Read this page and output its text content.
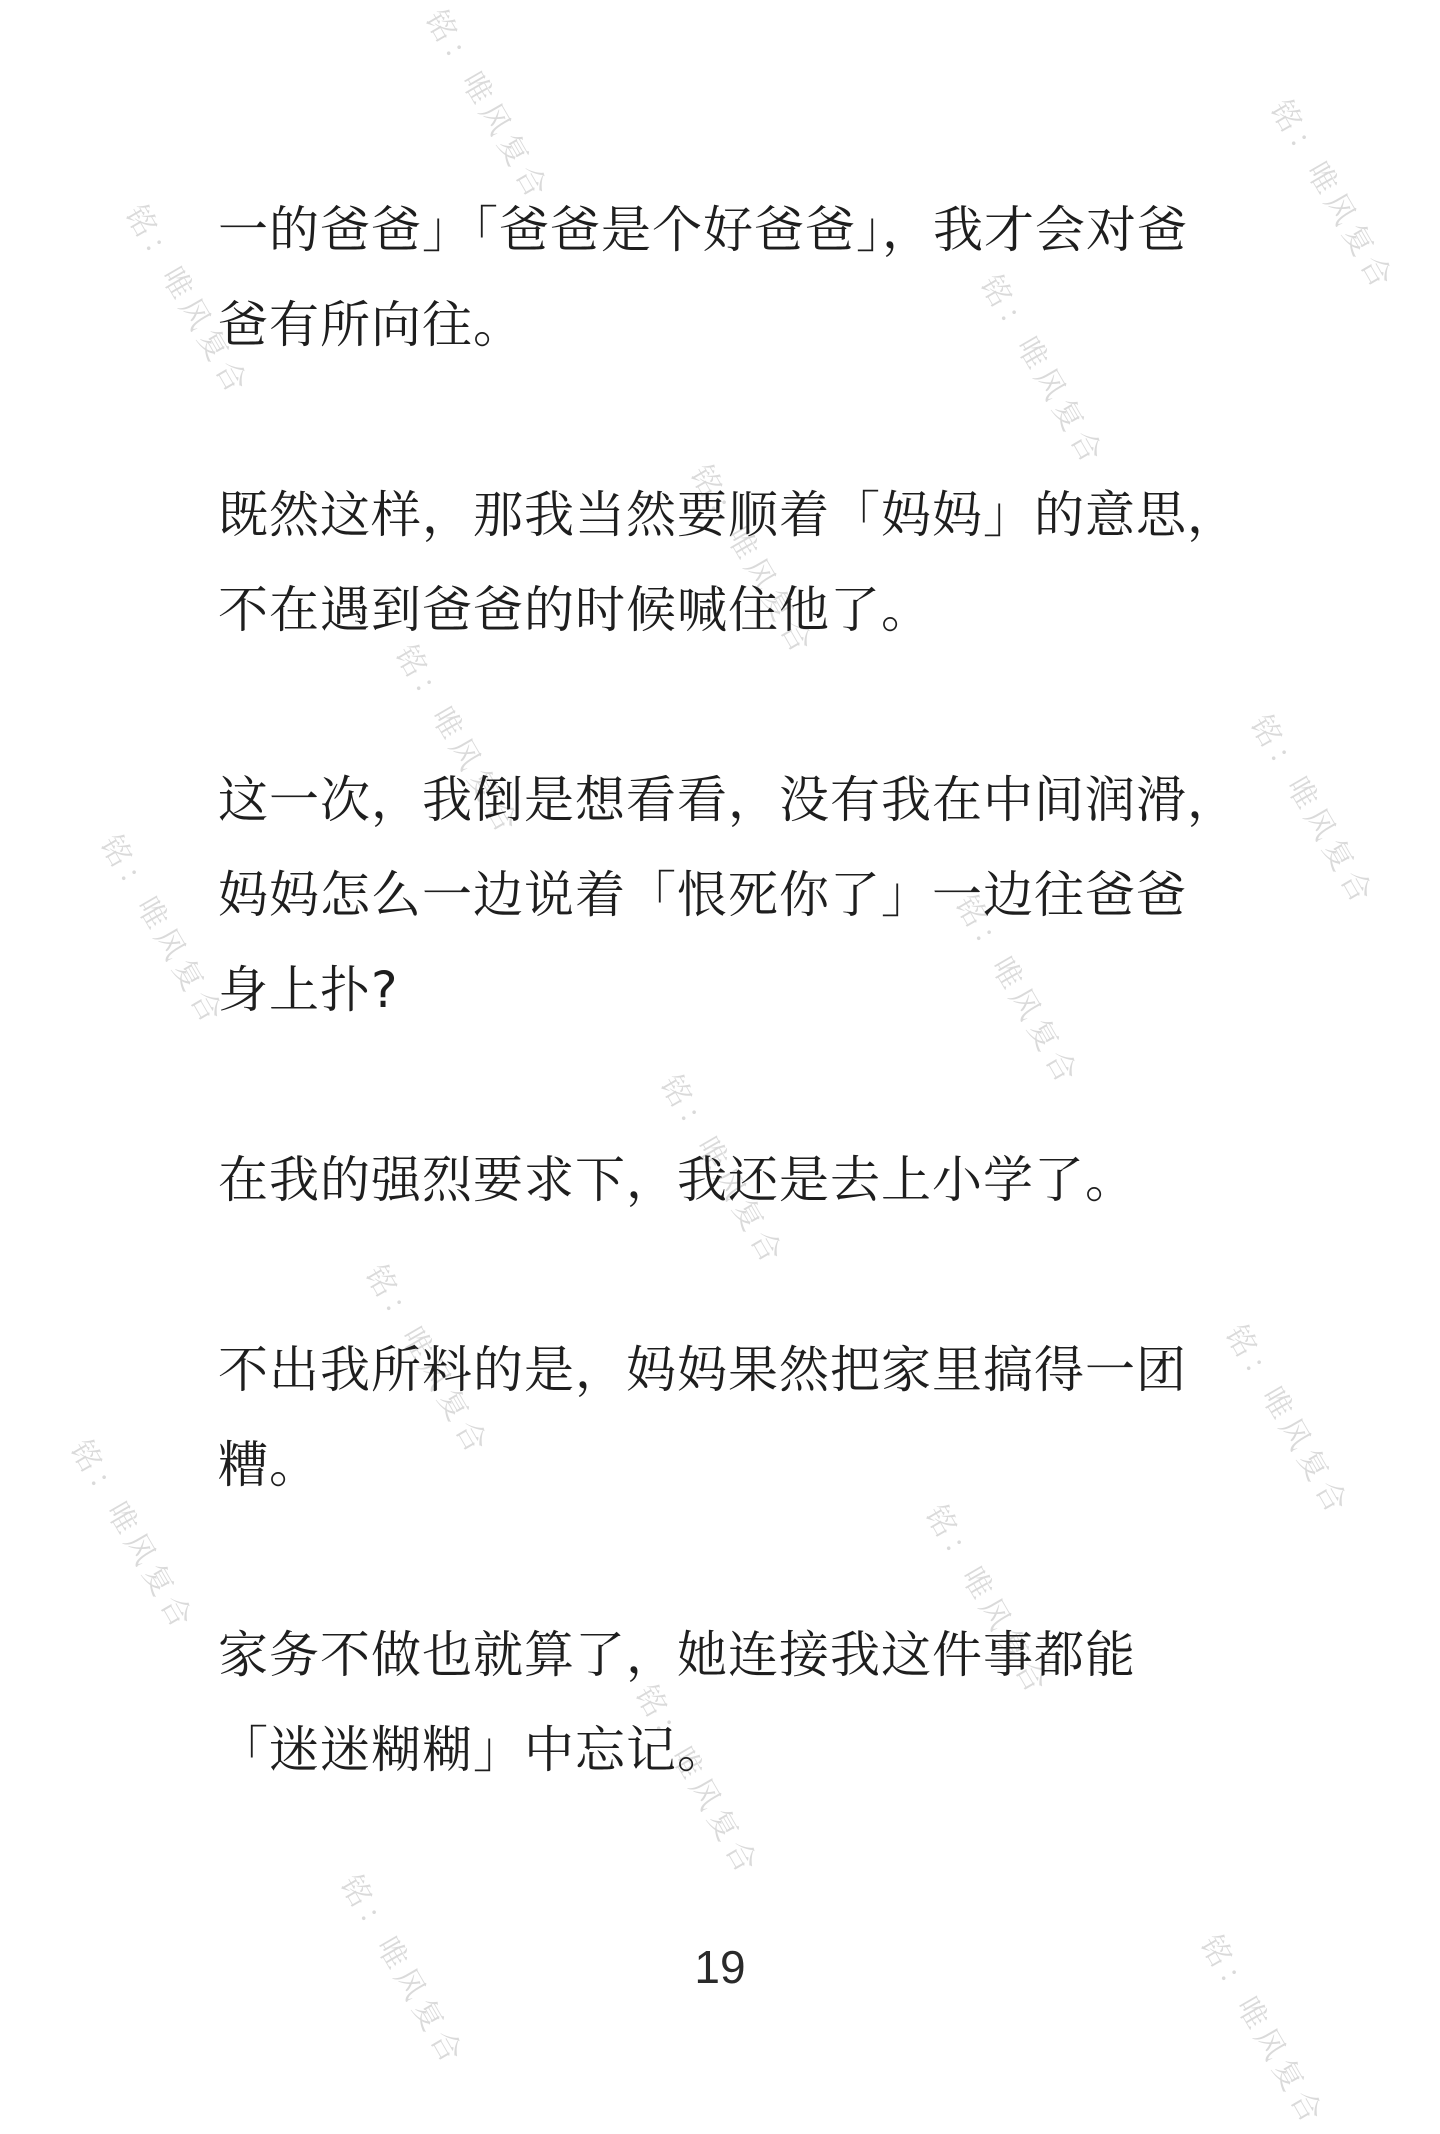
铭：唯风复合	铭：唯风复合
铭：唯风复合	铭：唯风复合
铭：唯风复合
铭：唯风复合	铭：唯风复合
铭：唯风复合	铭：唯风复合
铭：唯风复合
铭：唯风复合	铭：唯风复合
铭：唯风复合	铭：唯风复合
铭：唯风复合
铭：唯风复合	铭：唯风复合

一的爸爸」「爸爸是个好爸爸」，我才会对爸
爸有所向往。

既然这样，那我当然要顺着「妈妈」的意思，
不在遇到爸爸的时候喊住他了。

这一次，我倒是想看看，没有我在中间润滑，
妈妈怎么一边说着「恨死你了」一边往爸爸
身上扑?

在我的强烈要求下，我还是去上小学了。

不出我所料的是，妈妈果然把家里搞得一团
糟。

家务不做也就算了，她连接我这件事都能
「迷迷糊糊」中忘记。

19
